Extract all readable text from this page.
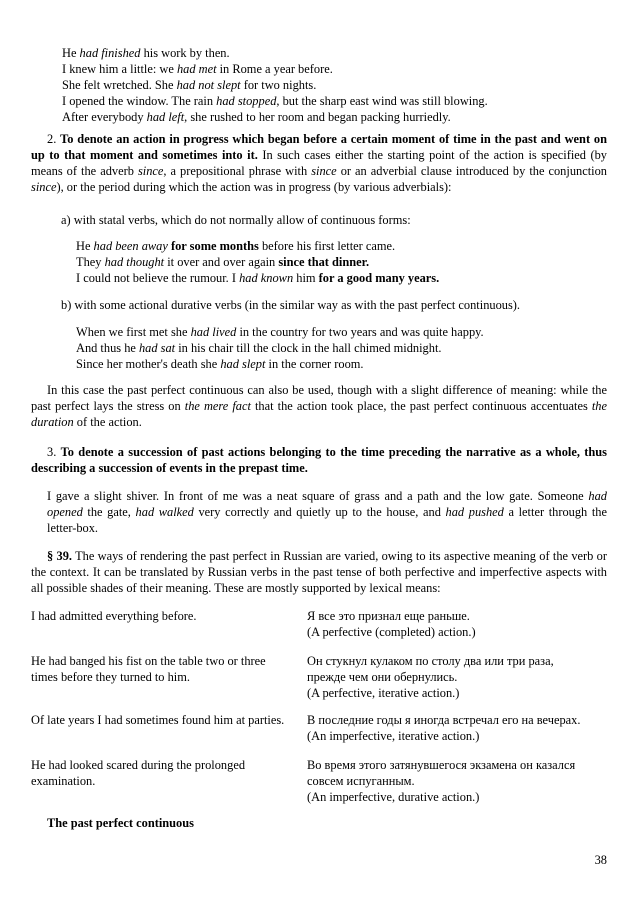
He had finished his work by then.
I knew him a little: we had met in Rome a year before.
She felt wretched. She had not slept for two nights.
I opened the window. The rain had stopped, but the sharp east wind was still blowing.
After everybody had left, she rushed to her room and began packing hurriedly.
2. To denote an action in progress which began before a certain moment of time in the past and went on up to that moment and sometimes into it. In such cases either the starting point of the action is specified (by means of the adverb since, a prepositional phrase with since or an adverbial clause introduced by the conjunction since), or the period during which the action was in progress (by various adverbials):
a) with statal verbs, which do not normally allow of continuous forms:
He had been away for some months before his first letter came.
They had thought it over and over again since that dinner.
I could not believe the rumour. I had known him for a good many years.
b) with some actional durative verbs (in the similar way as with the past perfect continuous).
When we first met she had lived in the country for two years and was quite happy.
And thus he had sat in his chair till the clock in the hall chimed midnight.
Since her mother's death she had slept in the corner room.
In this case the past perfect continuous can also be used, though with a slight difference of meaning: while the past perfect lays the stress on the mere fact that the action took place, the past perfect continuous accentuates the duration of the action.
3. To denote a succession of past actions belonging to the time preceding the narrative as a whole, thus describing a succession of events in the prepast time.
I gave a slight shiver. In front of me was a neat square of grass and a path and the low gate. Someone had opened the gate, had walked very correctly and quietly up to the house, and had pushed a letter through the letter-box.
§ 39. The ways of rendering the past perfect in Russian are varied, owing to its aspective meaning of the verb or the context. It can be translated by Russian verbs in the past tense of both perfective and imperfective aspects with all possible shades of their meaning. These are mostly supported by lexical means:
I had admitted everything before.	Я все это признал еще раньше.
(A perfective (completed) action.)
He had banged his fist on the table two or three
times before they turned to him.
Он стукнул кулаком по столу два или три раза,
прежде чем они обернулись.
(A perfective, iterative action.)
Of late years I had sometimes found him at parties.	В последние годы я иногда встречал его на вечерах.
(An imperfective, iterative action.)
He had looked scared during the prolonged
examination.
Во время этого затянувшегося экзамена он казался
совсем испуганным.
(An imperfective, durative action.)
The past perfect continuous
38
